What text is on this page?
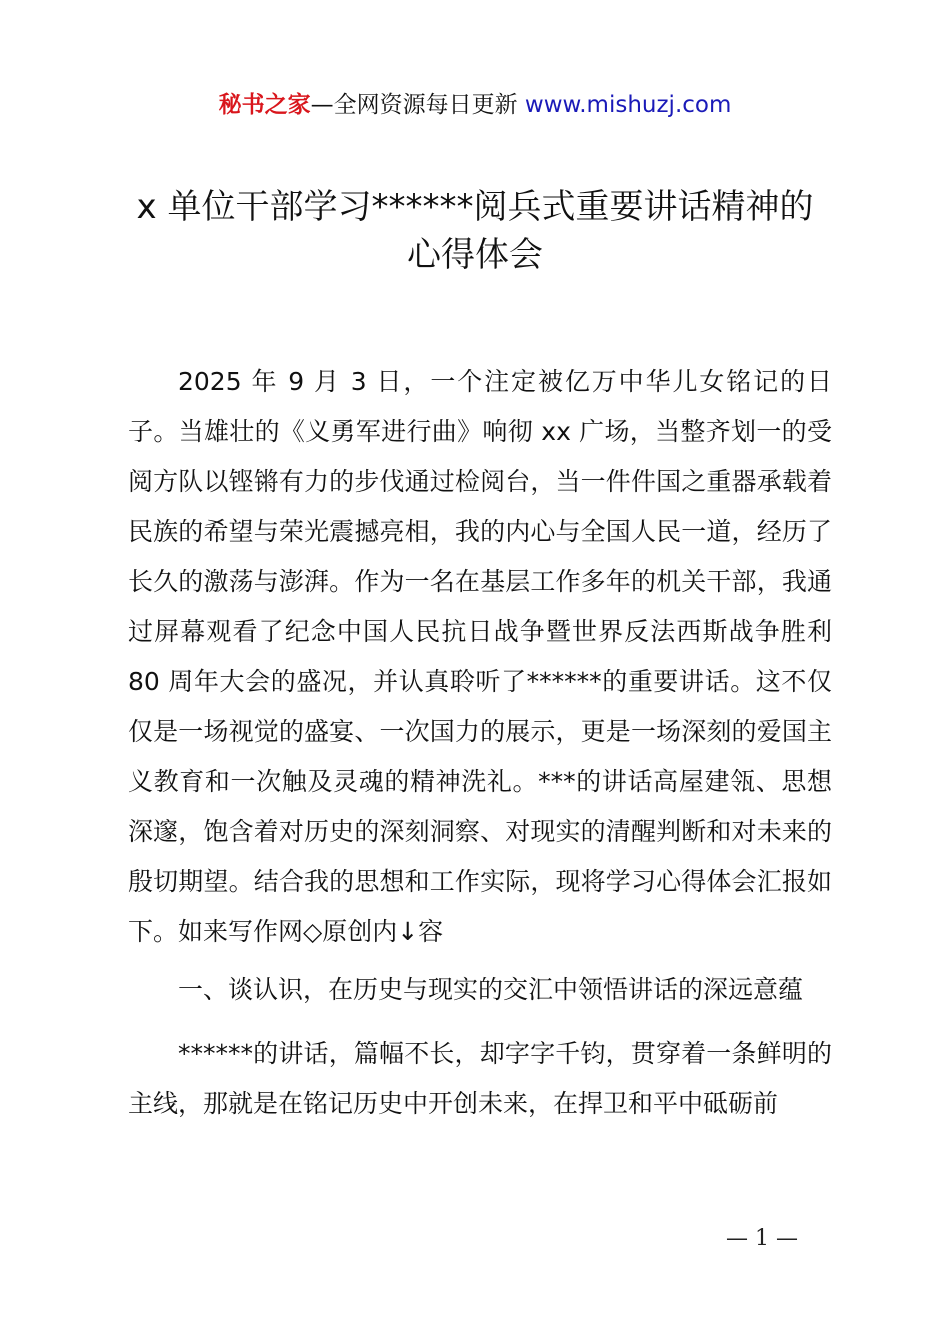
秘书之家—全网资源每日更新 www.mishuzj.com
x 单位干部学习******阅兵式重要讲话精神的
心得体会

2025 年 9 月 3 日，一个注定被亿万中华儿女铭记的日子。当雄壮的《义勇军进行曲》响彻 xx 广场，当整齐划一的受阅方队以铿锵有力的步伐通过检阅台，当一件件国之重器承载着民族的希望与荣光震撼亮相，我的内心与全国人民一道，经历了长久的激荡与澎湃。作为一名在基层工作多年的机关干部，我通过屏幕观看了纪念中国人民抗日战争暨世界反法西斯战争胜利 80 周年大会的盛况，并认真聆听了******的重要讲话。这不仅仅是一场视觉的盛宴、一次国力的展示，更是一场深刻的爱国主义教育和一次触及灵魂的精神洗礼。***的讲话高屋建瓴、思想深邃，饱含着对历史的深刻洞察、对现实的清醒判断和对未来的殷切期望。结合我的思想和工作实际，现将学习心得体会汇报如下。如来写作网◇原创内↓容

一、谈认识，在历史与现实的交汇中领悟讲话的深远意蕴

******的讲话，篇幅不长，却字字千钧，贯穿着一条鲜明的主线，那就是在铭记历史中开创未来，在捍卫和平中砥砺前

— 1 —
